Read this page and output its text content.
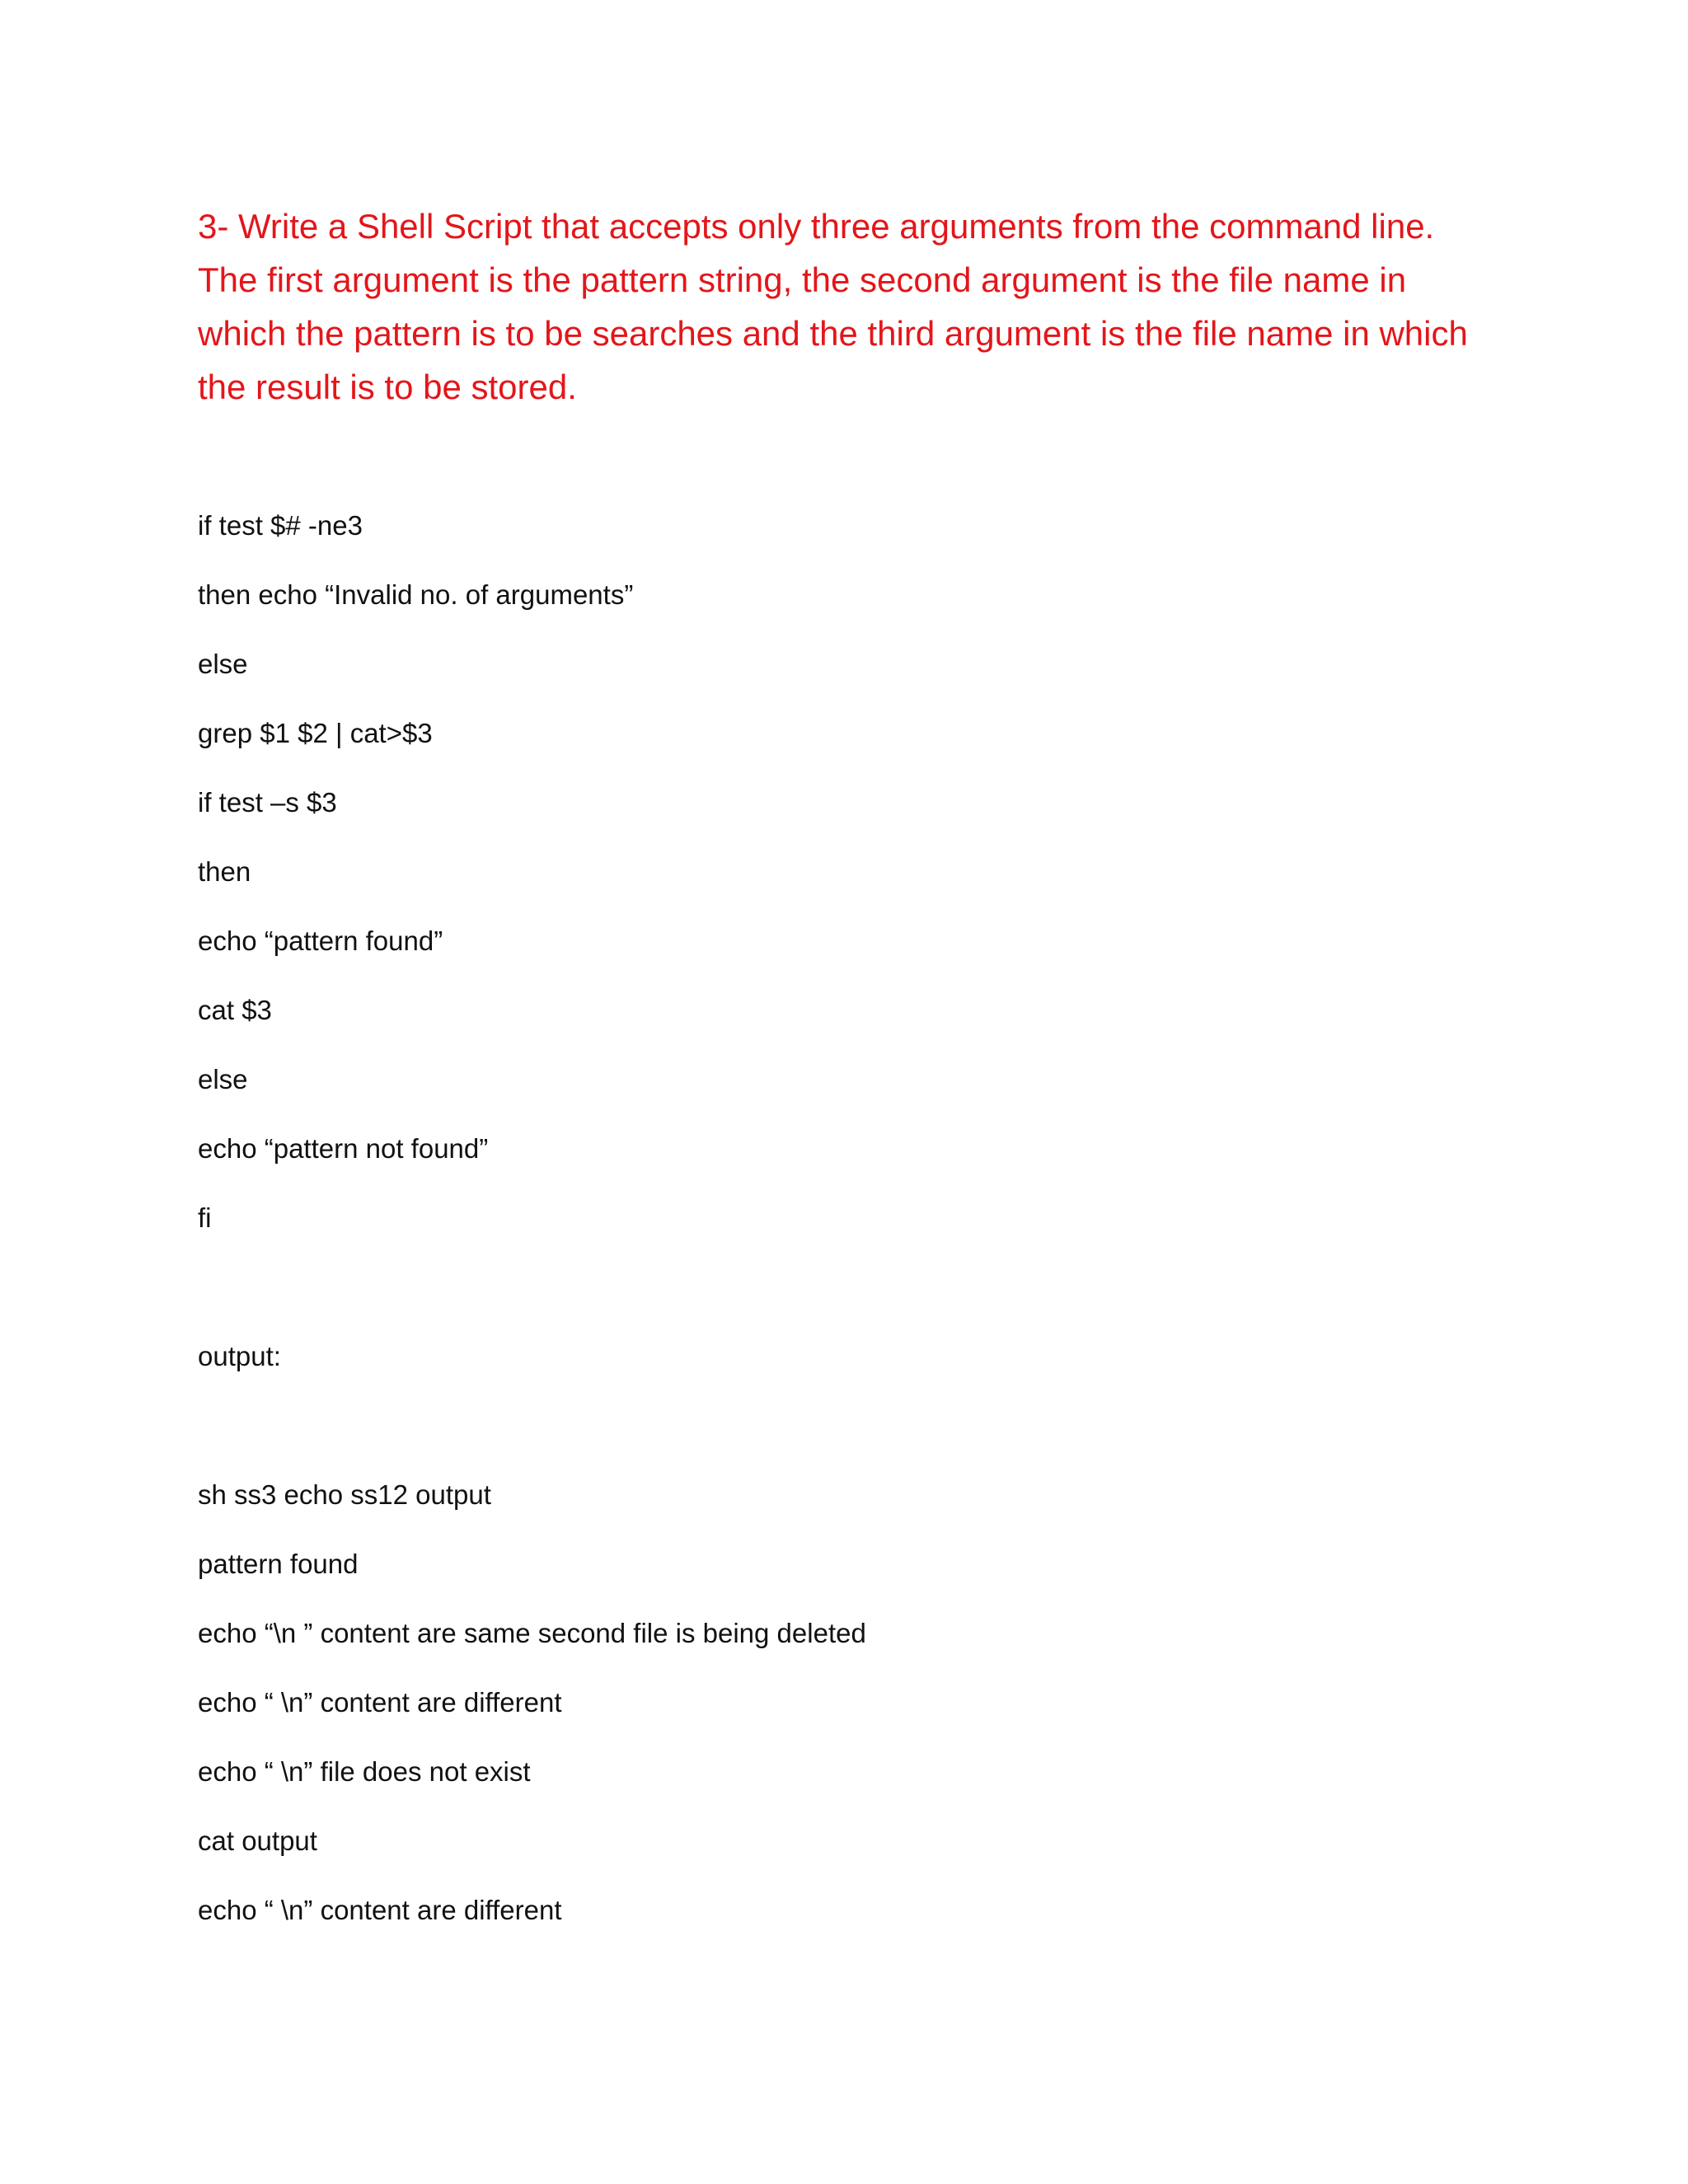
3- Write a Shell Script that accepts only three arguments from the command line. The first argument is the pattern string, the second argument is the file name in which the pattern is to be searches and the third argument is the file name in which the result is to be stored.

if test $# -ne3

then echo “Invalid no. of arguments”

else

grep $1 $2 | cat>$3

if test –s $3

then

echo “pattern found”

cat $3

else

echo “pattern not found”

fi

output:

sh ss3 echo ss12 output

pattern found

echo “\n ” content are same second file is being deleted

echo “ \n” content are different

echo “ \n” file does not exist

cat output

echo “ \n” content are different
